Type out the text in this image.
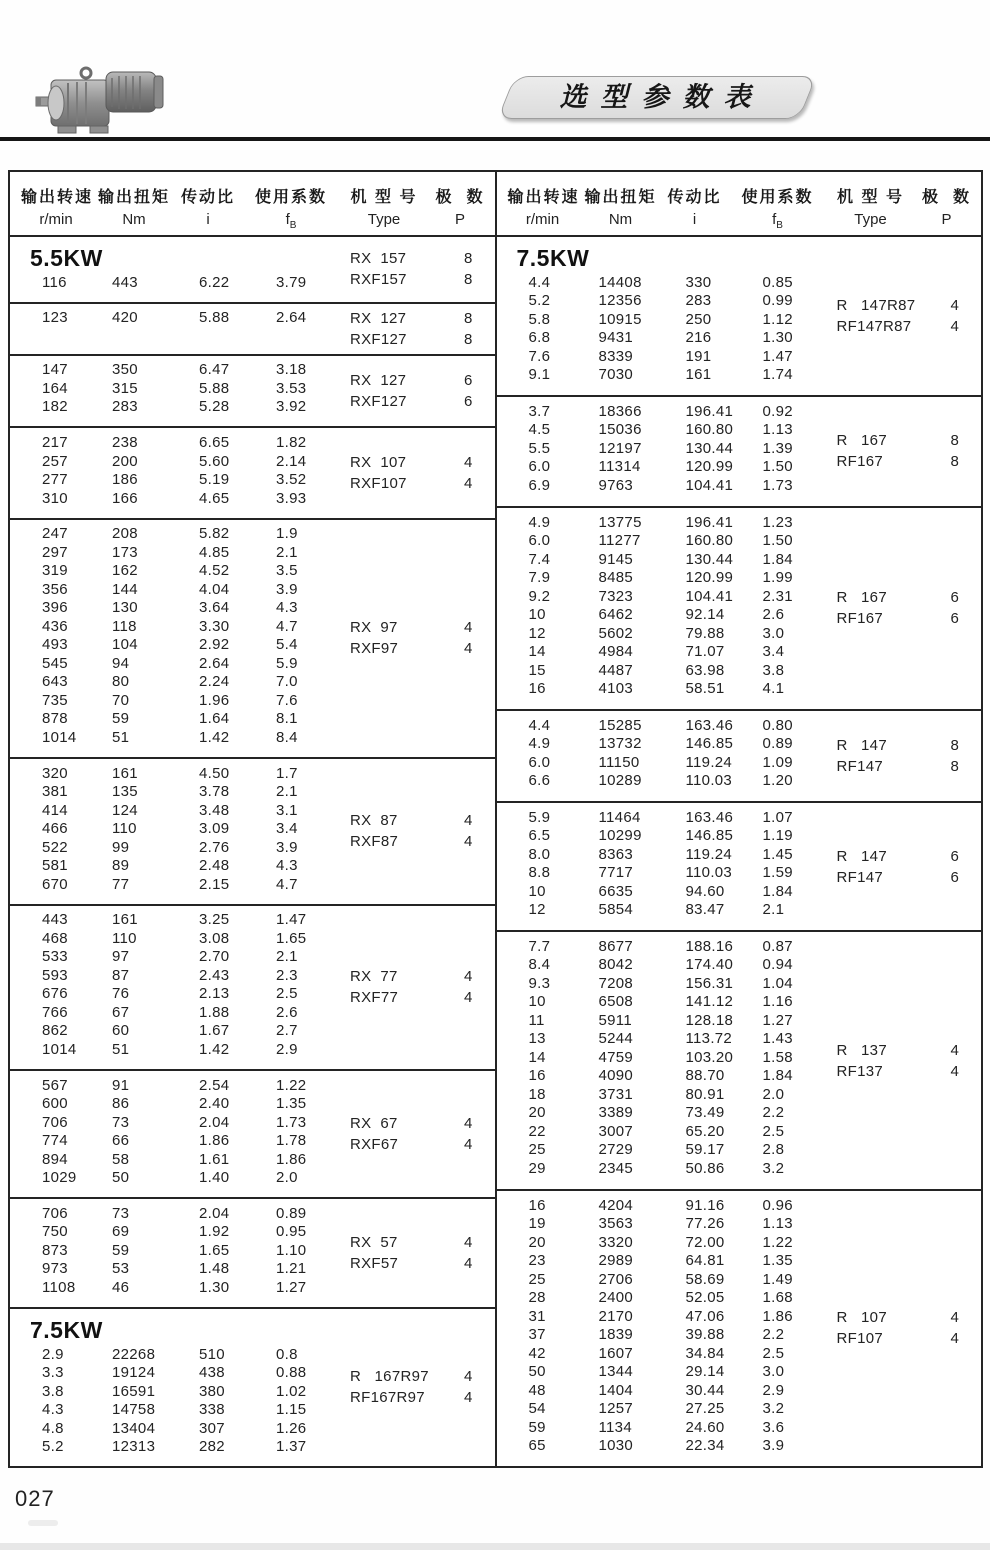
选型参数表
输出转速
r/min
输出扭矩
Nm
传动比
i
使用系数
$f_B$
机 型 号
Type
极  数
P
5.5KW
116	443	6.22	3.79
RX  157	8
RXF157	8
123	420	5.88	2.64	RX  127	8
RXF127	8
147	350	6.47	3.18
164	315	5.88	3.53
182	283	5.28	3.92
RX  127	6
RXF127	6
217	238	6.65	1.82
257	200	5.60	2.14
277	186	5.19	3.52
310	166	4.65	3.93
RX  107	4
RXF107	4
247	208	5.82	1.9
297	173	4.85	2.1
319	162	4.52	3.5
356	144	4.04	3.9
396	130	3.64	4.3
436	118	3.30	4.7
493	104	2.92	5.4
545	94	2.64	5.9
643	80	2.24	7.0
735	70	1.96	7.6
878	59	1.64	8.1
1014	51	1.42	8.4
RX  97	4
RXF97	4
320	161	4.50	1.7
381	135	3.78	2.1
414	124	3.48	3.1
466	110	3.09	3.4
522	99	2.76	3.9
581	89	2.48	4.3
670	77	2.15	4.7
RX  87	4
RXF87	4
443	161	3.25	1.47
468	110	3.08	1.65
533	97	2.70	2.1
593	87	2.43	2.3
676	76	2.13	2.5
766	67	1.88	2.6
862	60	1.67	2.7
1014	51	1.42	2.9
RX  77	4
RXF77	4
567	91	2.54	1.22
600	86	2.40	1.35
706	73	2.04	1.73
774	66	1.86	1.78
894	58	1.61	1.86
1029	50	1.40	2.0
RX  67	4
RXF67	4
706	73	2.04	0.89
750	69	1.92	0.95
873	59	1.65	1.10
973	53	1.48	1.21
1108	46	1.30	1.27
RX  57	4
RXF57	4
7.5KW
2.9	22268	510	0.8
3.3	19124	438	0.88
3.8	16591	380	1.02
4.3	14758	338	1.15
4.8	13404	307	1.26
5.2	12313	282	1.37
R   167R97	4
RF167R97	4
输出转速
r/min
输出扭矩
Nm
传动比
i
使用系数
$f_B$
机 型 号
Type
极  数
P
7.5KW
4.4	14408	330	0.85
5.2	12356	283	0.99
5.8	10915	250	1.12
6.8	9431	216	1.30
7.6	8339	191	1.47
9.1	7030	161	1.74
R   147R87	4
RF147R87	4
3.7	18366	196.41	0.92
4.5	15036	160.80	1.13
5.5	12197	130.44	1.39
6.0	11314	120.99	1.50
6.9	9763	104.41	1.73
R   167	8
RF167	8
4.9	13775	196.41	1.23
6.0	11277	160.80	1.50
7.4	9145	130.44	1.84
7.9	8485	120.99	1.99
9.2	7323	104.41	2.31
10	6462	92.14	2.6
12	5602	79.88	3.0
14	4984	71.07	3.4
15	4487	63.98	3.8
16	4103	58.51	4.1
R   167	6
RF167	6
4.4	15285	163.46	0.80
4.9	13732	146.85	0.89
6.0	11150	119.24	1.09
6.6	10289	110.03	1.20
R   147	8
RF147	8
5.9	11464	163.46	1.07
6.5	10299	146.85	1.19
8.0	8363	119.24	1.45
8.8	7717	110.03	1.59
10	6635	94.60	1.84
12	5854	83.47	2.1
R   147	6
RF147	6
7.7	8677	188.16	0.87
8.4	8042	174.40	0.94
9.3	7208	156.31	1.04
10	6508	141.12	1.16
11	5911	128.18	1.27
13	5244	113.72	1.43
14	4759	103.20	1.58
16	4090	88.70	1.84
18	3731	80.91	2.0
20	3389	73.49	2.2
22	3007	65.20	2.5
25	2729	59.17	2.8
29	2345	50.86	3.2
R   137	4
RF137	4
16	4204	91.16	0.96
19	3563	77.26	1.13
20	3320	72.00	1.22
23	2989	64.81	1.35
25	2706	58.69	1.49
28	2400	52.05	1.68
31	2170	47.06	1.86
37	1839	39.88	2.2
42	1607	34.84	2.5
50	1344	29.14	3.0
48	1404	30.44	2.9
54	1257	27.25	3.2
59	1134	24.60	3.6
65	1030	22.34	3.9
R   107	4
RF107	4
027
